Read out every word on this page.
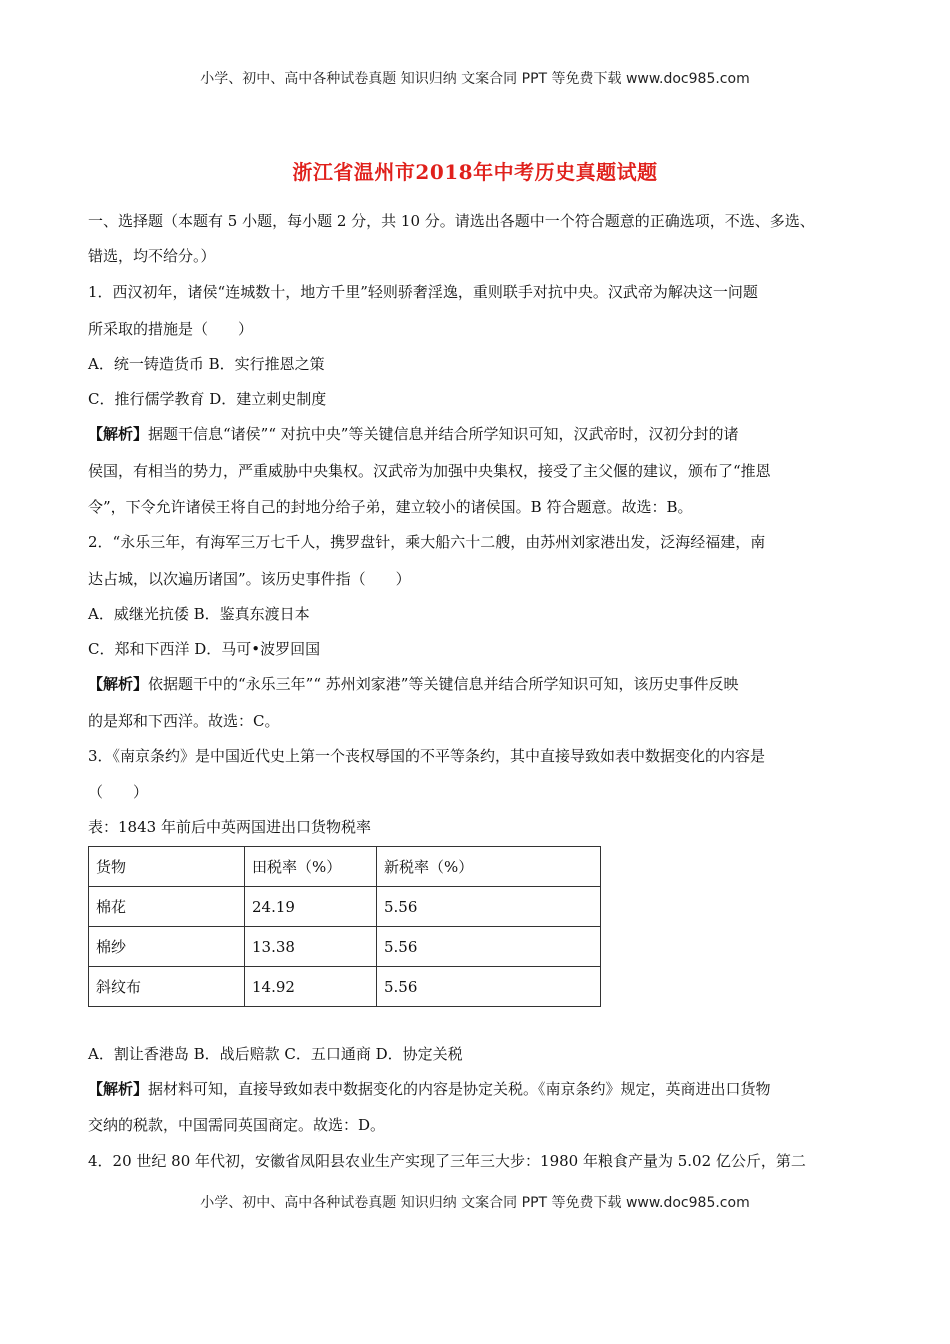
小学、初中、高中各种试卷真题 知识归纳 文案合同 PPT 等免费下载 www.doc985.com
浙江省温州市2018年中考历史真题试题
一、选择题（本题有 5 小题，每小题 2 分，共 10 分。请选出各题中一个符合题意的正确选项，不选、多选、
错选，均不给分。）
1．西汉初年，诸侯“连城数十，地方千里”轻则骄奢淫逸，重则联手对抗中央。汉武帝为解决这一问题
所采取的措施是（　　）
A．统一铸造货币 B．实行推恩之策
C．推行儒学教育 D．建立刺史制度
【解析】据题干信息“诸侯”“ 对抗中央”等关键信息并结合所学知识可知，汉武帝时，汉初分封的诸
侯国，有相当的势力，严重威胁中央集权。汉武帝为加强中央集权，接受了主父偃的建议，颁布了“推恩
令”，下令允许诸侯王将自己的封地分给子弟，建立较小的诸侯国。B 符合题意。故选：B。
2．“永乐三年，有海军三万七千人，携罗盘针，乘大船六十二艘，由苏州刘家港出发，泛海经福建，南
达占城，以次遍历诸国”。该历史事件指（　　）
A．威继光抗倭 B．鉴真东渡日本
C．郑和下西洋 D．马可•波罗回国
【解析】依据题干中的“永乐三年”“ 苏州刘家港”等关键信息并结合所学知识可知，该历史事件反映
的是郑和下西洋。故选：C。
3．《南京条约》是中国近代史上第一个丧权辱国的不平等条约，其中直接导致如表中数据变化的内容是
（　　）
表：1843 年前后中英两国进出口货物税率
货物	田税率（%）	新税率（%）
棉花	24.19	5.56
棉纱	13.38	5.56
斜纹布	14.92	5.56
A．割让香港岛 B．战后赔款 C．五口通商 D．协定关税
【解析】据材料可知，直接导致如表中数据变化的内容是协定关税。《南京条约》规定，英商进出口货物
交纳的税款，中国需同英国商定。故选：D。
4．20 世纪 80 年代初，安徽省凤阳县农业生产实现了三年三大步：1980 年粮食产量为 5.02 亿公斤，第二
小学、初中、高中各种试卷真题 知识归纳 文案合同 PPT 等免费下载 www.doc985.com
